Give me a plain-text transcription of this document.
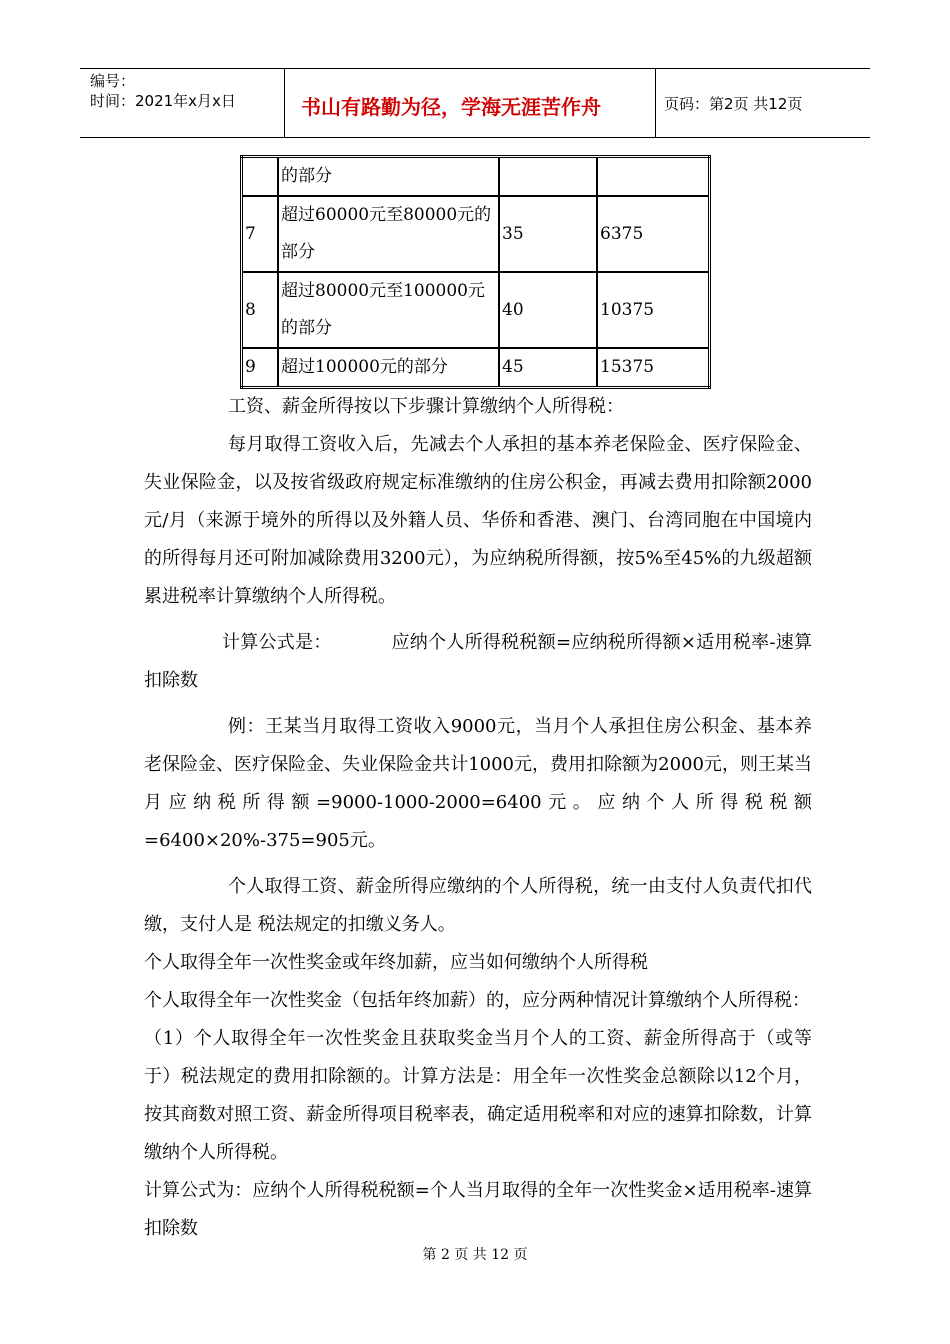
编号：
时间：2021年x月x日	书山有路勤为径，学海无涯苦作舟	页码：第2页 共12页
	的部分		
7	超过60000元至80000元的部分	35	6375
8	超过80000元至100000元的部分	40	10375
9	超过100000元的部分	45	15375

工资、薪金所得按以下步骤计算缴纳个人所得税：

每月取得工资收入后，先减去个人承担的基本养老保险金、医疗保险金、失业保险金，以及按省级政府规定标准缴纳的住房公积金，再减去费用扣除额2000元/月（来源于境外的所得以及外籍人员、华侨和香港、澳门、台湾同胞在中国境内的所得每月还可附加减除费用3200元），为应纳税所得额，按5%至45%的九级超额累进税率计算缴纳个人所得税。

计算公式是：          应纳个人所得税税额=应纳税所得额×适用税率-速算扣除数

例：王某当月取得工资收入9000元，当月个人承担住房公积金、基本养老保险金、医疗保险金、失业保险金共计1000元，费用扣除额为2000元，则王某当月应纳税所得额=9000-1000-2000=6400元。应纳个人所得税税额=6400×20%-375=905元。

个人取得工资、薪金所得应缴纳的个人所得税，统一由支付人负责代扣代缴，支付人是 税法规定的扣缴义务人。

个人取得全年一次性奖金或年终加薪，应当如何缴纳个人所得税

个人取得全年一次性奖金（包括年终加薪）的，应分两种情况计算缴纳个人所得税：

（1）个人取得全年一次性奖金且获取奖金当月个人的工资、薪金所得高于（或等于）税法规定的费用扣除额的。计算方法是：用全年一次性奖金总额除以12个月，按其商数对照工资、薪金所得项目税率表，确定适用税率和对应的速算扣除数，计算缴纳个人所得税。

计算公式为：应纳个人所得税税额=个人当月取得的全年一次性奖金×适用税率-速算扣除数

第 2 页 共 12 页
